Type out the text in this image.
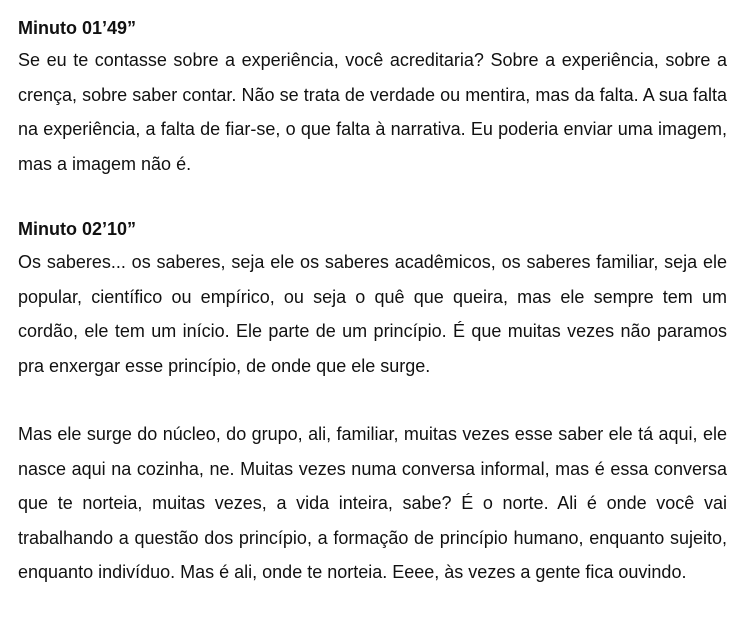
Minuto 01’49”

Se eu te contasse sobre a experiência, você acreditaria? Sobre a experiência, sobre a crença, sobre saber contar. Não se trata de verdade ou mentira, mas da falta. A sua falta na experiência, a falta de fiar-se, o que falta à narrativa. Eu poderia enviar uma imagem, mas a imagem não é.

Minuto 02’10”

Os saberes... os saberes, seja ele os saberes acadêmicos, os saberes familiar, seja ele popular, científico ou empírico, ou seja o quê que queira, mas ele sempre tem um cordão, ele tem um início. Ele parte de um princípio. É que muitas vezes não paramos pra enxergar esse princípio, de onde que ele surge.

Mas ele surge do núcleo, do grupo, ali, familiar, muitas vezes esse saber ele tá aqui, ele nasce aqui na cozinha, ne. Muitas vezes numa conversa informal, mas é essa conversa que te norteia, muitas vezes, a vida inteira, sabe? É o norte. Ali é onde você vai trabalhando a questão dos princípio, a formação de princípio humano, enquanto sujeito, enquanto indivíduo. Mas é ali, onde te norteia. Eeee, às vezes a gente fica ouvindo.
